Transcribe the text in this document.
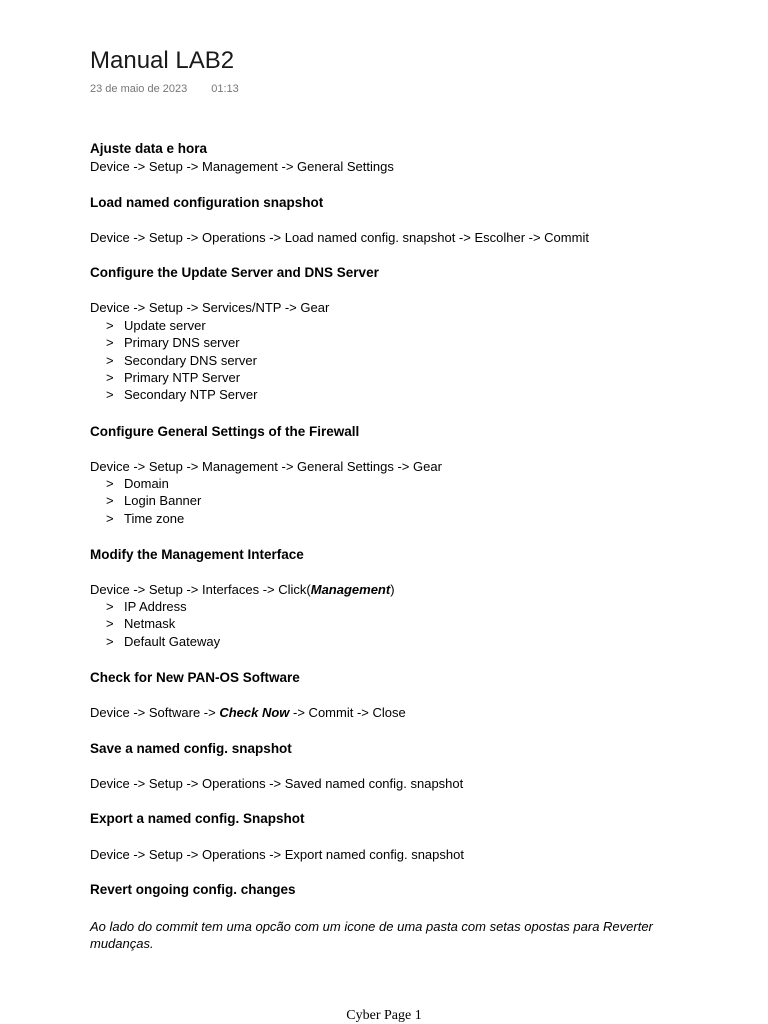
Manual LAB2
23 de maio de 2023 01:13
Ajuste data e hora
Device -> Setup -> Management -> General Settings
Load named configuration snapshot
Device -> Setup -> Operations -> Load named config. snapshot -> Escolher -> Commit
Configure the Update Server and DNS Server
Device -> Setup -> Services/NTP -> Gear
> Update server
> Primary DNS server
> Secondary DNS server
> Primary NTP Server
> Secondary NTP Server
Configure General Settings of the Firewall
Device -> Setup -> Management -> General Settings -> Gear
> Domain
> Login Banner
> Time zone
Modify the Management Interface
Device -> Setup -> Interfaces -> Click(Management)
> IP Address
> Netmask
> Default Gateway
Check for New PAN-OS Software
Device -> Software -> Check Now -> Commit -> Close
Save a named config. snapshot
Device -> Setup -> Operations -> Saved named config. snapshot
Export a named config. Snapshot
Device -> Setup -> Operations -> Export named config. snapshot
Revert ongoing config. changes
Ao lado do commit tem uma opcão com um icone de uma pasta com setas opostas para Reverter mudanças.
Cyber Page 1
